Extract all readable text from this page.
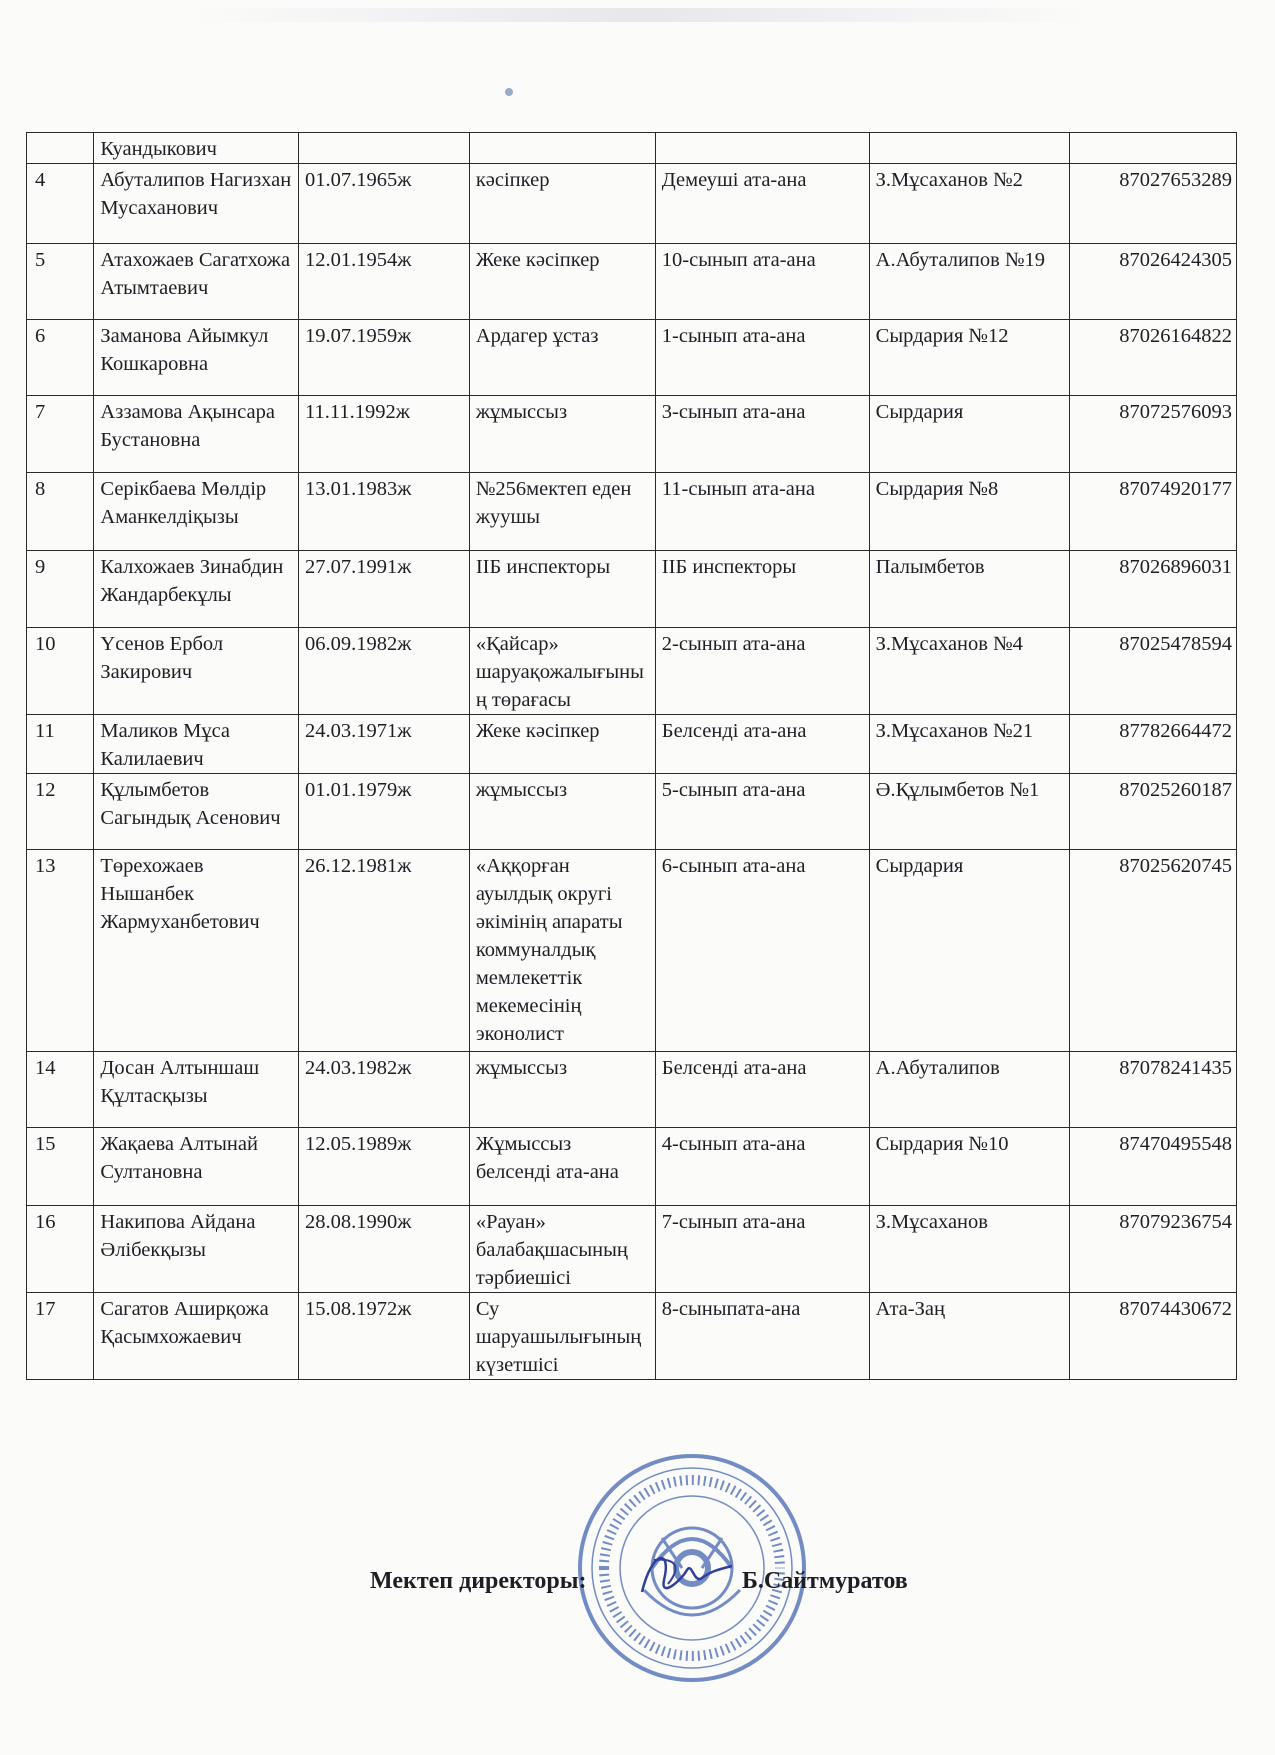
	Куандыкович					
4	Абуталипов Нагизхан Мусаханович	01.07.1965ж	кәсіпкер	Демеуші ата-ана	З.Мұсаханов №2	87027653289
5	Атахожаев Сагатхожа Атымтаевич	12.01.1954ж	Жеке кәсіпкер	10-сынып ата-ана	А.Абуталипов №19	87026424305
6	Заманова Айымкул Кошкаровна	19.07.1959ж	Ардагер ұстаз	1-сынып ата-ана	Сырдария №12	87026164822
7	Аззамова Ақынсара Бустановна	11.11.1992ж	жұмыссыз	3-сынып ата-ана	Сырдария	87072576093
8	Серікбаева Мөлдір Аманкелдіқызы	13.01.1983ж	№256мектеп еден жуушы	11-сынып ата-ана	Сырдария №8	87074920177
9	Калхожаев Зинабдин Жандарбекұлы	27.07.1991ж	ІІБ инспекторы	ІІБ инспекторы	Палымбетов	87026896031
10	Үсенов Ербол Закирович	06.09.1982ж	«Қайсар» шаруақожалығының төрағасы	2-сынып ата-ана	З.Мұсаханов №4	87025478594
11	Маликов Мұса Калилаевич	24.03.1971ж	Жеке кәсіпкер	Белсенді ата-ана	З.Мұсаханов №21	87782664472
12	Құлымбетов Сагындық Асенович	01.01.1979ж	жұмыссыз	5-сынып ата-ана	Ә.Құлымбетов №1	87025260187
13	Төрехожаев Нышанбек Жармуханбетович	26.12.1981ж	«Аққорған ауылдық округі әкімінің апараты коммуналдық мемлекеттік мекемесінің эконолист	6-сынып ата-ана	Сырдария	87025620745
14	Досан Алтыншаш Құлтасқызы	24.03.1982ж	жұмыссыз	Белсенді ата-ана	А.Абуталипов	87078241435
15	Жақаева Алтынай Султановна	12.05.1989ж	Жұмыссыз белсенді ата-ана	4-сынып ата-ана	Сырдария №10	87470495548
16	Накипова Айдана Әлібекқызы	28.08.1990ж	«Рауан» балабақшасының тәрбиешісі	7-сынып ата-ана	З.Мұсаханов	87079236754
17	Сагатов Аширқожа Қасымхожаевич	15.08.1972ж	Су шаруашылығының күзетшісі	8-сыныпата-ана	Ата-Заң	87074430672
Мектеп директоры:	Б.Сайтмуратов
